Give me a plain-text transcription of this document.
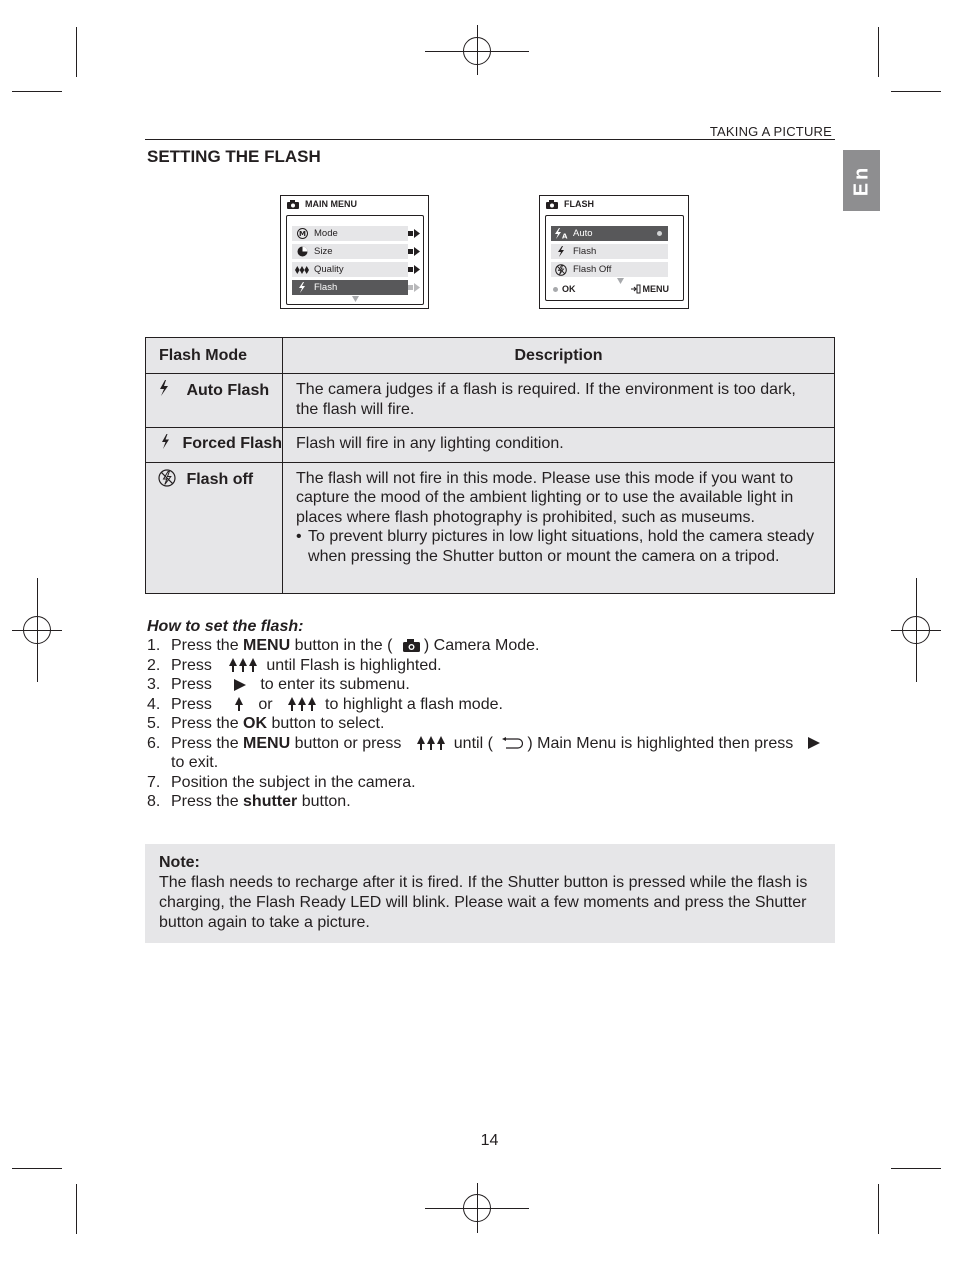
TAKING A PICTURE
En
SETTING THE FLASH
MAIN MENU
M Mode
Size
Quality
Flash
FLASH
A Auto
Flash
Flash Off
OK	MENU
Flash Mode	Description
Auto Flash	The camera judges if a flash is required. If the environment is too dark, the flash will fire.
Forced Flash	Flash will fire in any lighting condition.
Flash off	The flash will not fire in this mode. Please use this mode if you want to capture the mood of the ambient lighting or to use the available light in places where flash photography is prohibited, such as museums.
• To prevent blurry pictures in low light situations, hold the camera steady when pressing the Shutter button or mount the camera on a tripod.
How to set the flash:
1. Press the MENU button in the ( ) Camera Mode.
2. Press	until Flash is highlighted.
3. Press	to enter its submenu.
4. Press	or	to highlight a flash mode.
5. Press the OK button to select.
6. Press the MENU button or press	until ( ) Main Menu is highlighted then press
to exit.
7. Position the subject in the camera.
8. Press the shutter button.
Note:
The flash needs to recharge after it is fired. If the Shutter button is pressed while the flash is charging, the Flash Ready LED will blink. Please wait a few moments and press the Shutter button again to take a picture.
14
